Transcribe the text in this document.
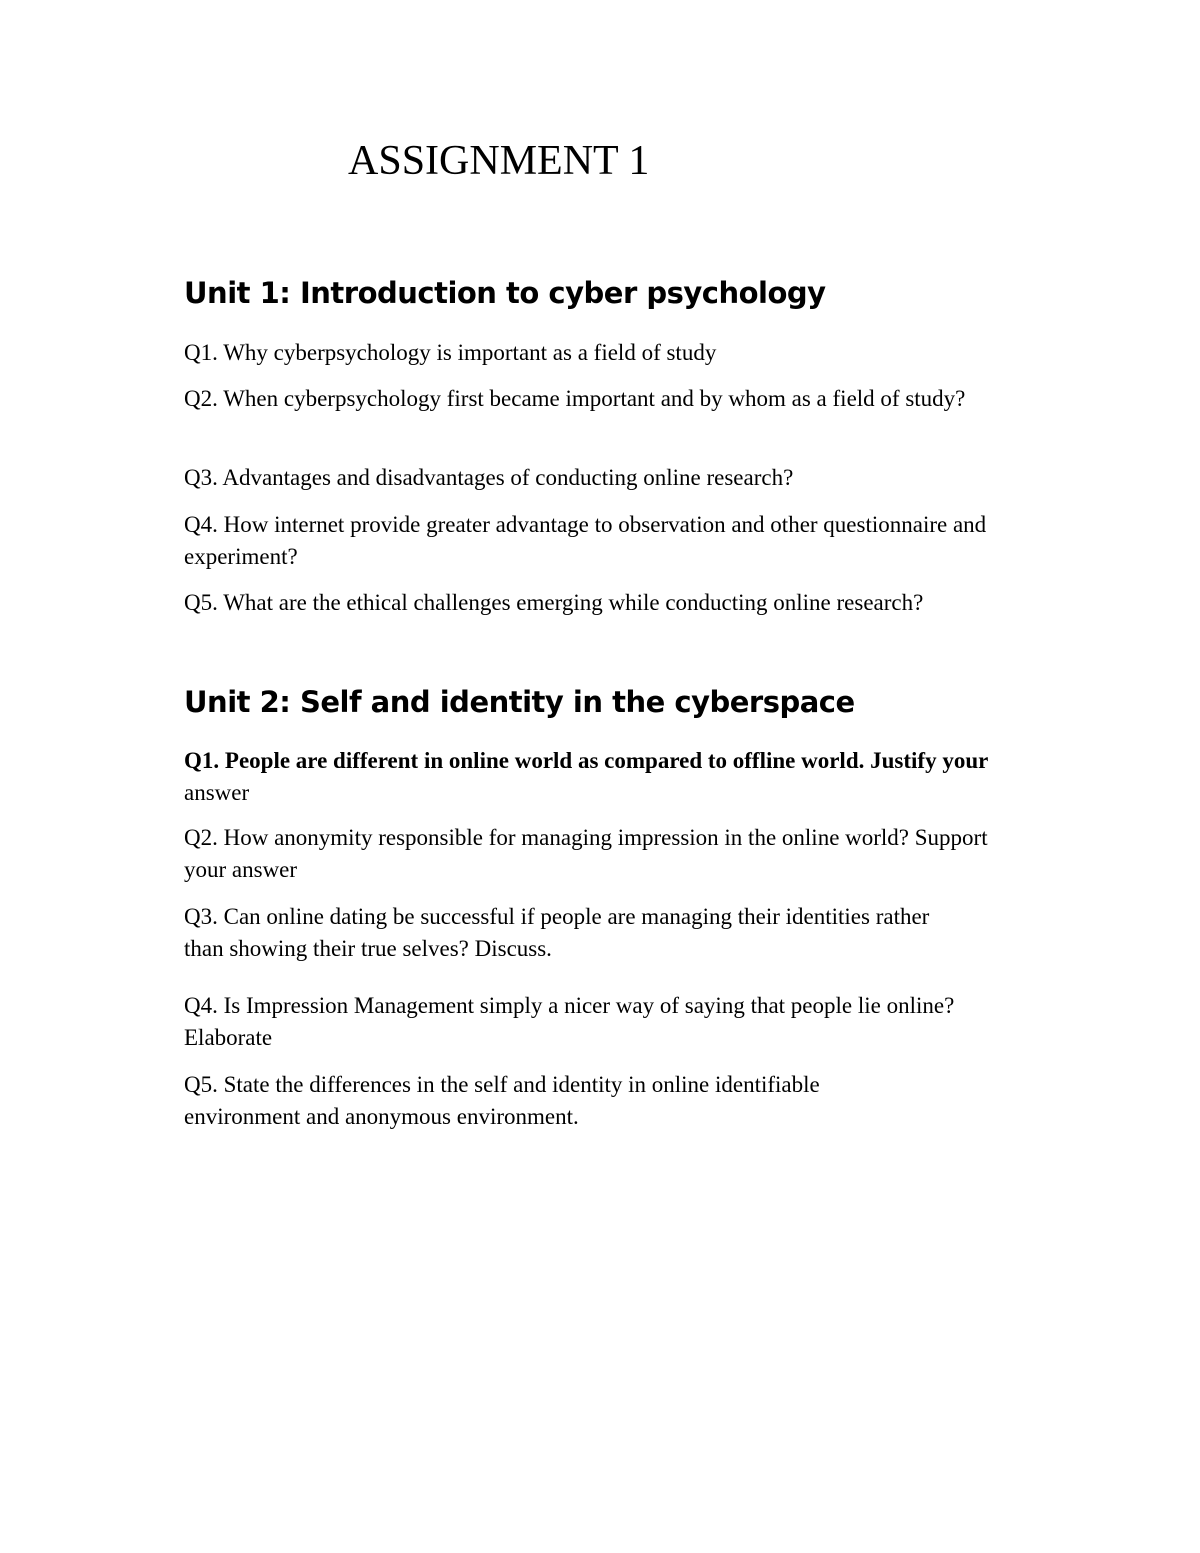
ASSIGNMENT 1
Unit 1: Introduction to cyber psychology

Q1. Why cyberpsychology is important as a field of study

Q2. When cyberpsychology first became important and by whom as a field of study?

Q3. Advantages and disadvantages of conducting online research?

Q4. How internet provide greater advantage to observation and other questionnaire and experiment?

Q5. What are the ethical challenges emerging while conducting online research?

Unit 2: Self and identity in the cyberspace

Q1. People are different in online world as compared to offline world. Justify your answer

Q2. How anonymity responsible for managing impression in the online world? Support your answer

Q3. Can online dating be successful if people are managing their identities rather than showing their true selves? Discuss.

Q4. Is Impression Management simply a nicer way of saying that people lie online? Elaborate

Q5. State the differences in the self and identity in online identifiable environment and anonymous environment.
